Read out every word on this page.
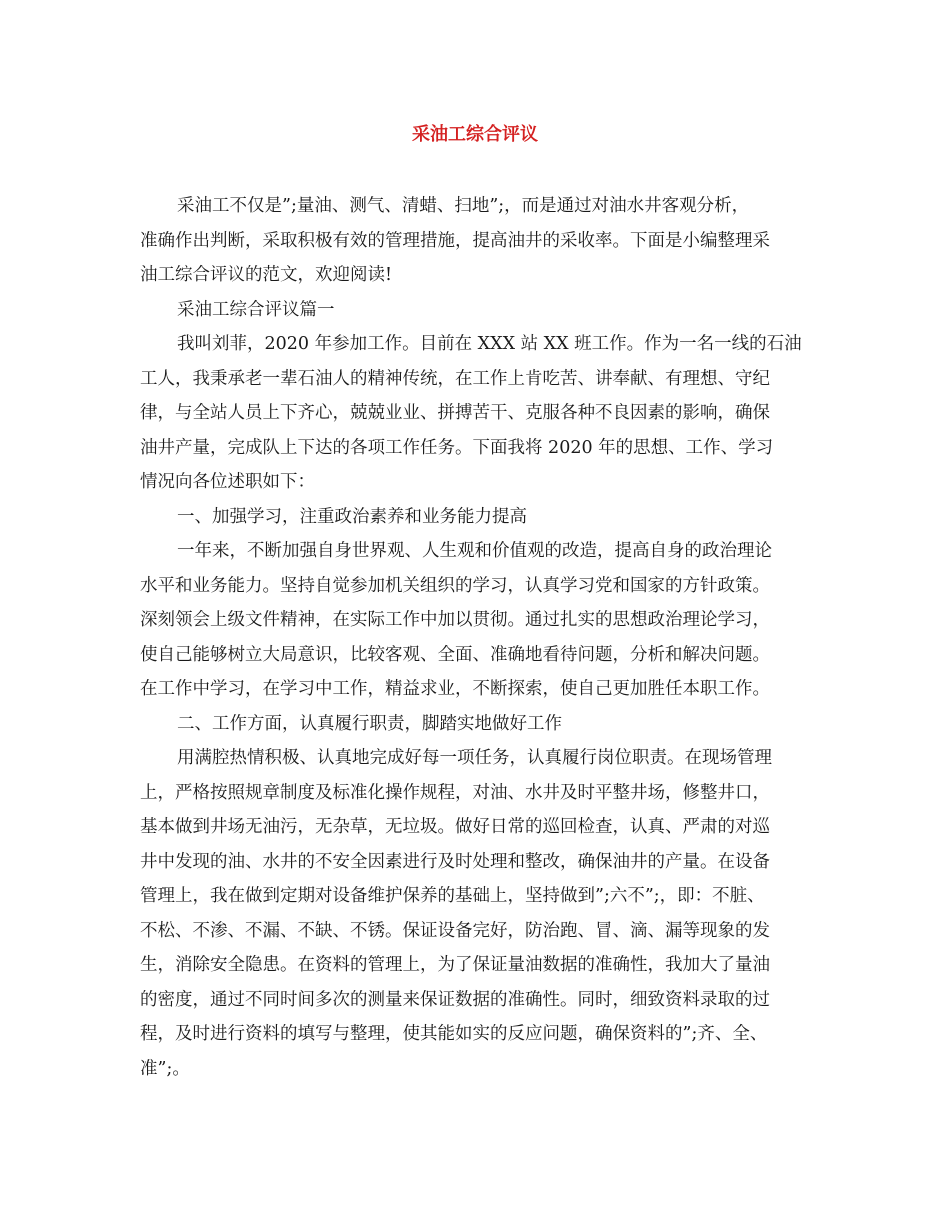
采油工综合评议
采油工不仅是”;量油、测气、清蜡、扫地”;，而是通过对油水井客观分析，
准确作出判断，采取积极有效的管理措施，提高油井的采收率。下面是小编整理采
油工综合评议的范文，欢迎阅读!
采油工综合评议篇一
我叫刘菲，2020 年参加工作。目前在 XXX 站 XX 班工作。作为一名一线的石油
工人，我秉承老一辈石油人的精神传统，在工作上肯吃苦、讲奉献、有理想、守纪
律，与全站人员上下齐心，兢兢业业、拼搏苦干、克服各种不良因素的影响，确保
油井产量，完成队上下达的各项工作任务。下面我将 2020 年的思想、工作、学习
情况向各位述职如下：
一、加强学习，注重政治素养和业务能力提高
一年来，不断加强自身世界观、人生观和价值观的改造，提高自身的政治理论
水平和业务能力。坚持自觉参加机关组织的学习，认真学习党和国家的方针政策。
深刻领会上级文件精神，在实际工作中加以贯彻。通过扎实的思想政治理论学习，
使自己能够树立大局意识，比较客观、全面、准确地看待问题，分析和解决问题。
在工作中学习，在学习中工作，精益求业，不断探索，使自己更加胜任本职工作。
二、工作方面，认真履行职责，脚踏实地做好工作
用满腔热情积极、认真地完成好每一项任务，认真履行岗位职责。在现场管理
上，严格按照规章制度及标准化操作规程，对油、水井及时平整井场，修整井口，
基本做到井场无油污，无杂草，无垃圾。做好日常的巡回检查，认真、严肃的对巡
井中发现的油、水井的不安全因素进行及时处理和整改，确保油井的产量。在设备
管理上，我在做到定期对设备维护保养的基础上，坚持做到”;六不”;，即：不脏、
不松、不渗、不漏、不缺、不锈。保证设备完好，防治跑、冒、滴、漏等现象的发
生，消除安全隐患。在资料的管理上，为了保证量油数据的准确性，我加大了量油
的密度，通过不同时间多次的测量来保证数据的准确性。同时，细致资料录取的过
程，及时进行资料的填写与整理，使其能如实的反应问题，确保资料的”;齐、全、
准”;。
